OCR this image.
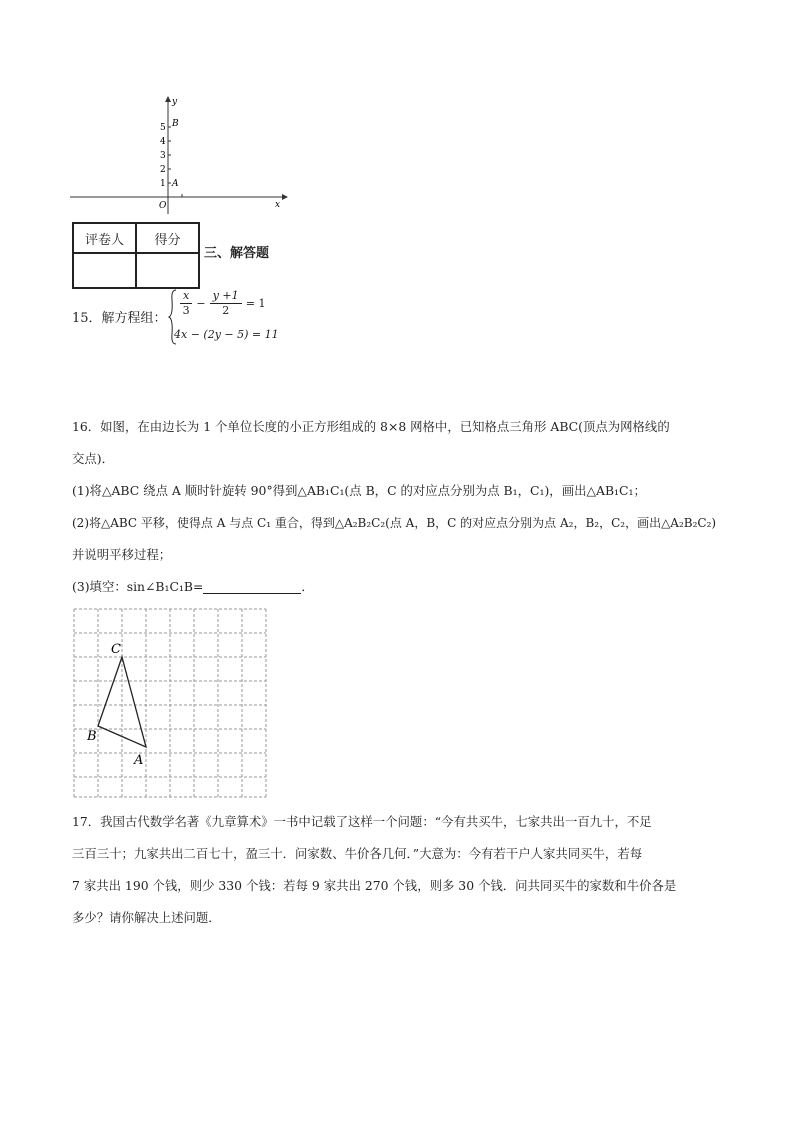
y
x
O
1
2
3
4
5
A
B
评卷人	得分

三、解答题
15．解方程组：
$\frac{x}{3} - \frac{y +1}{2} = 1$
4x − (2y − 5) = 11
16．如图，在由边长为 1 个单位长度的小正方形组成的 8×8 网格中，已知格点三角形 ABC(顶点为网格线的
交点)．
(1)将△ABC 绕点 A 顺时针旋转 90°得到△AB₁C₁(点 B，C 的对应点分别为点 B₁，C₁)，画出△AB₁C₁；
(2)将△ABC 平移，使得点 A 与点 C₁ 重合，得到△A₂B₂C₂(点 A，B，C 的对应点分别为点 A₂，B₂，C₂，画出△A₂B₂C₂)
并说明平移过程；
(3)填空：sin∠B₁C₁B=	．
C
B
A
17．我国古代数学名著《九章算术》一书中记载了这样一个问题：“今有共买牛，七家共出一百九十，不足
三百三十；九家共出二百七十，盈三十．问家数、牛价各几何．”大意为：今有若干户人家共同买牛，若每
7 家共出 190 个钱，则少 330 个钱：若每 9 家共出 270 个钱，则多 30 个钱．问共同买牛的家数和牛价各是
多少？请你解决上述问题．
